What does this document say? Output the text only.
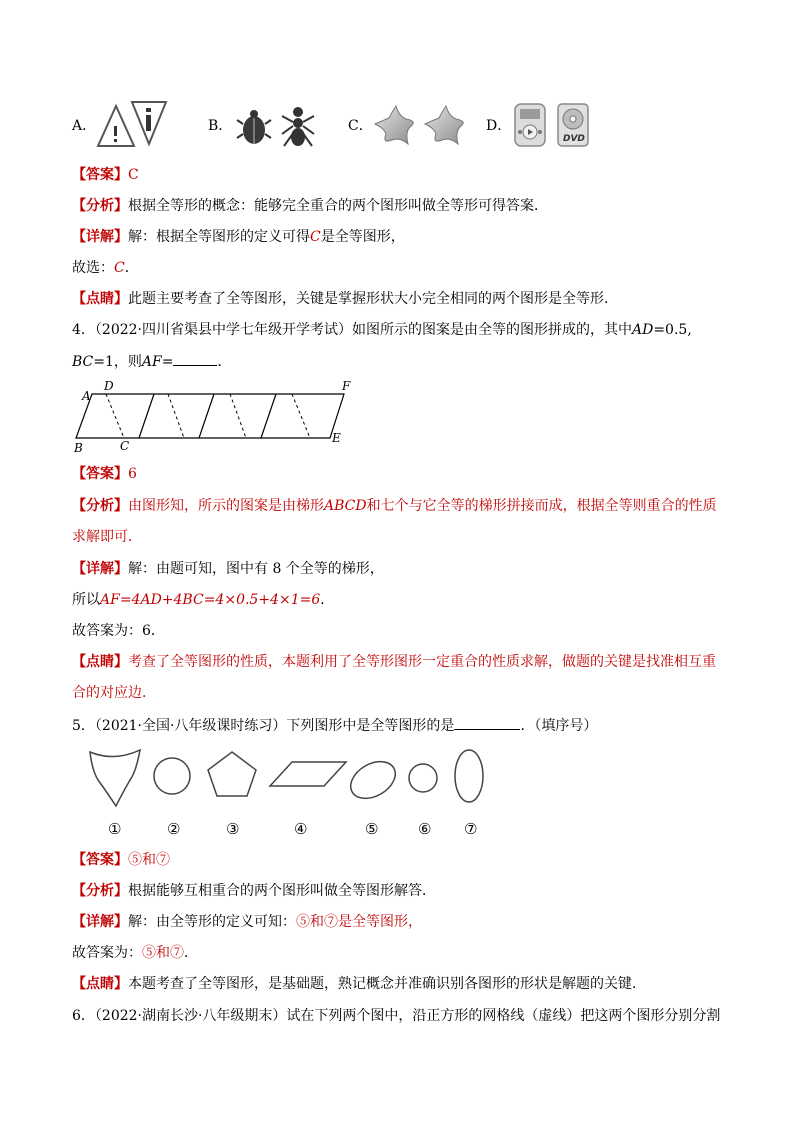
A．	B．	C．	D．
DVD
【答案】C
【分析】根据全等形的概念：能够完全重合的两个图形叫做全等形可得答案．
【详解】解：根据全等图形的定义可得C是全等图形，
故选：C．
【点睛】此题主要考查了全等图形，关键是掌握形状大小完全相同的两个图形是全等形．
4．（2022·四川省渠县中学七年级开学考试）如图所示的图案是由全等的图形拼成的，其中AD=0.5,
BC=1，则AF=	．
A
D	F
B	C
E
【答案】6
【分析】由图形知，所示的图案是由梯形ABCD和七个与它全等的梯形拼接而成，根据全等则重合的性质
求解即可．
【详解】解：由题可知，图中有 8 个全等的梯形，
所以AF=4AD+4BC=4×0.5+4×1=6．
故答案为：6．
【点睛】考查了全等图形的性质，本题利用了全等形图形一定重合的性质求解，做题的关键是找准相互重
合的对应边．
5．（2021·全国·八年级课时练习）下列图形中是全等图形的是	．（填序号）
①	②	③	④	⑤	⑥ ⑦
【答案】⑤和⑦
【分析】根据能够互相重合的两个图形叫做全等图形解答．
【详解】解：由全等形的定义可知：⑤和⑦是全等图形，
故答案为：⑤和⑦．
【点睛】本题考查了全等图形，是基础题，熟记概念并准确识别各图形的形状是解题的关键．
6．（2022·湖南长沙·八年级期末）试在下列两个图中，沿正方形的网格线（虚线）把这两个图形分别分割
